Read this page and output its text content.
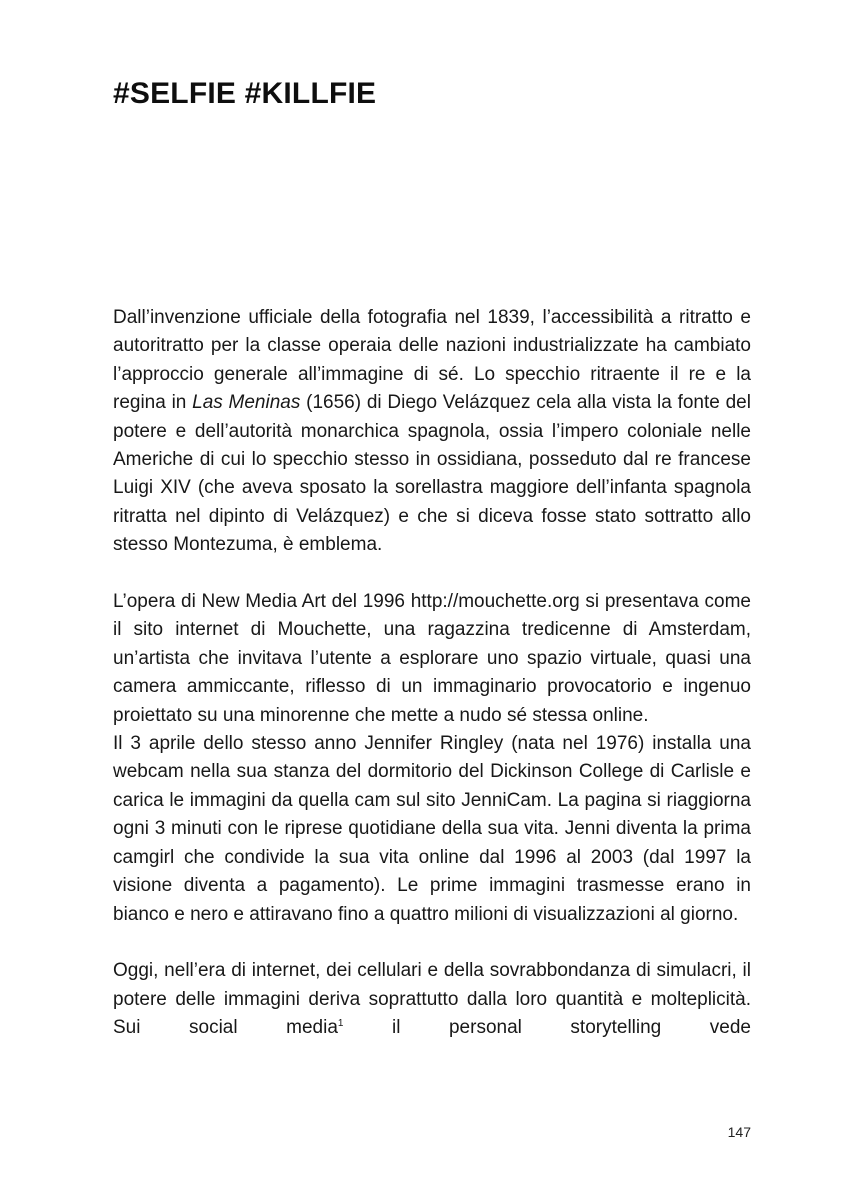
#SELFIE #KILLFIE

Dall’invenzione ufficiale della fotografia nel 1839, l’accessibilità a ritratto e autoritratto per la classe operaia delle nazioni industrializzate ha cambiato l’approccio generale all’immagine di sé. Lo specchio ritraente il re e la regina in Las Meninas (1656) di Diego Velázquez cela alla vista la fonte del potere e dell’autorità monarchica spagnola, ossia l’impero coloniale nelle Americhe di cui lo specchio stesso in ossidiana, posseduto dal re francese Luigi XIV (che aveva sposato la sorellastra maggiore dell’infanta spagnola ritratta nel dipinto di Velázquez) e che si diceva fosse stato sottratto allo stesso Montezuma, è emblema.

L’opera di New Media Art del 1996 http://mouchette.org si presentava come il sito internet di Mouchette, una ragazzina tredicenne di Amsterdam, un’artista che invitava l’utente a esplorare uno spazio virtuale, quasi una camera ammiccante, riflesso di un immaginario provocatorio e ingenuo proiettato su una minorenne che mette a nudo sé stessa online.

Il 3 aprile dello stesso anno Jennifer Ringley (nata nel 1976) installa una webcam nella sua stanza del dormitorio del Dickinson College di Carlisle e carica le immagini da quella cam sul sito JenniCam. La pagina si riaggiorna ogni 3 minuti con le riprese quotidiane della sua vita. Jenni diventa la prima camgirl che condivide la sua vita online dal 1996 al 2003 (dal 1997 la visione diventa a pagamento). Le prime immagini trasmesse erano in bianco e nero e attiravano fino a quattro milioni di visualizzazioni al giorno.

Oggi, nell’era di internet, dei cellulari e della sovrabbondanza di simulacri, il potere delle immagini deriva soprattutto dalla loro quantità e molteplicità. Sui social media$^1$ il personal storytelling vede

147
